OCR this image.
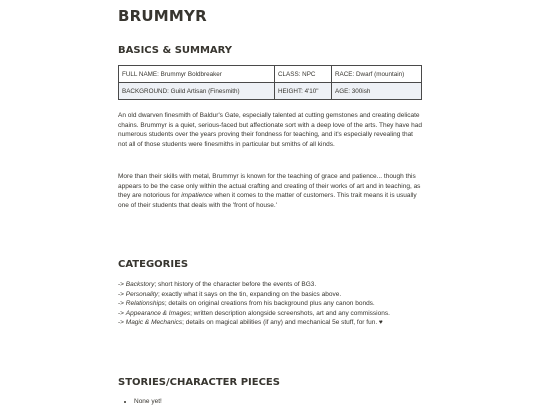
BRUMMYR
BASICS & SUMMARY
FULL NAME: Brummyr Boldbreaker	CLASS: NPC	RACE: Dwarf (mountain)
BACKGROUND: Guild Artisan (Finesmith)	HEIGHT: 4'10"	AGE: 300ish

An old dwarven finesmith of Baldur's Gate, especially talented at cutting gemstones and creating delicate chains. Brummyr is a quiet, serious-faced but affectionate sort with a deep love of the arts. They have had numerous students over the years proving their fondness for teaching, and it's especially revealing that not all of those students were finesmiths in particular but smiths of all kinds.

More than their skills with metal, Brummyr is known for the teaching of grace and patience... though this appears to be the case only within the actual crafting and creating of their works of art and in teaching, as they are notorious for impatience when it comes to the matter of customers. This trait means it is usually one of their students that deals with the 'front of house.'

CATEGORIES
-> Backstory; short history of the character before the events of BG3.
-> Personality; exactly what it says on the tin, expanding on the basics above.
-> Relationships; details on original creations from his background plus any canon bonds.
-> Appearance & Images; written description alongside screenshots, art and any commissions.
-> Magic & Mechanics; details on magical abilities (if any) and mechanical 5e stuff, for fun. ♥
STORIES/CHARACTER PIECES
• None yet!
